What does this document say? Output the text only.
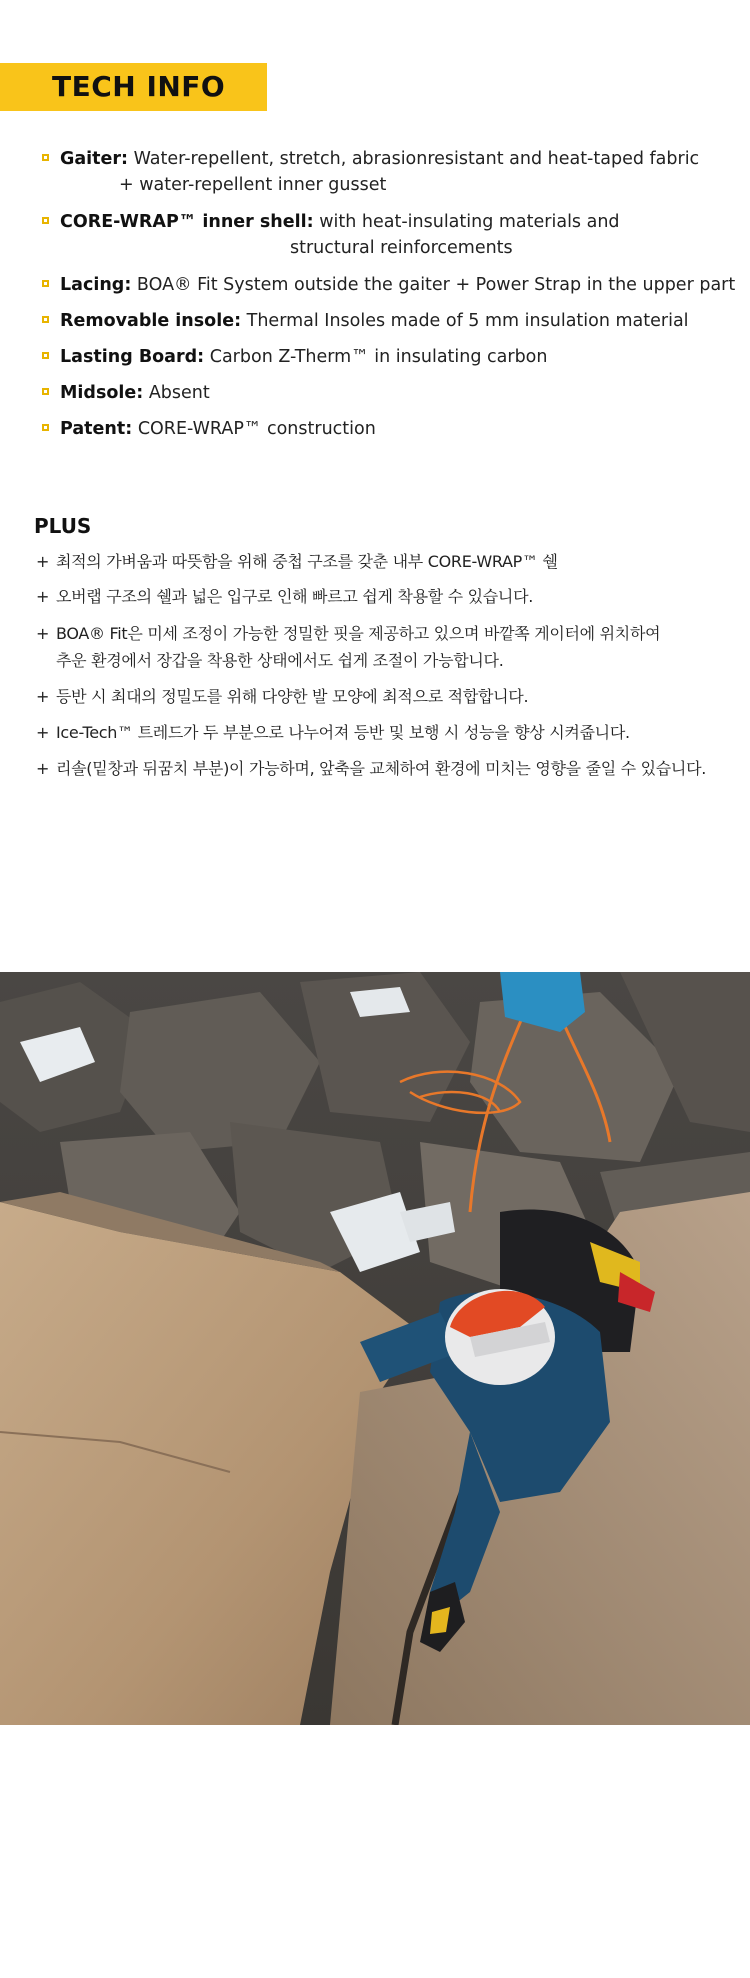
TECH INFO
Gaiter: Water-repellent, stretch, abrasionresistant and heat-taped fabric
+ water-repellent inner gusset
CORE-WRAP™ inner shell: with heat-insulating materials and
structural reinforcements
Lacing: BOA® Fit System outside the gaiter + Power Strap in the upper part
Removable insole: Thermal Insoles made of 5 mm insulation material
Lasting Board: Carbon Z-Therm™ in insulating carbon
Midsole: Absent
Patent: CORE-WRAP™ construction
PLUS
+ 최적의 가벼움과 따뜻함을 위해 중첩 구조를 갖춘 내부 CORE-WRAP™ 쉘
+ 오버랩 구조의 쉘과 넓은 입구로 인해 빠르고 쉽게 착용할 수 있습니다.
+ BOA® Fit은 미세 조정이 가능한 정밀한 핏을 제공하고 있으며 바깥쪽 게이터에 위치하여
추운 환경에서 장갑을 착용한 상태에서도 쉽게 조절이 가능합니다.
+ 등반 시 최대의 정밀도를 위해 다양한 발 모양에 최적으로 적합합니다.
+ Ice-Tech™ 트레드가 두 부분으로 나누어져 등반 및 보행 시 성능을 향상 시켜줍니다.
+ 리솔(밑창과 뒤꿈치 부분)이 가능하며, 앞축을 교체하여 환경에 미치는 영향을 줄일 수 있습니다.
